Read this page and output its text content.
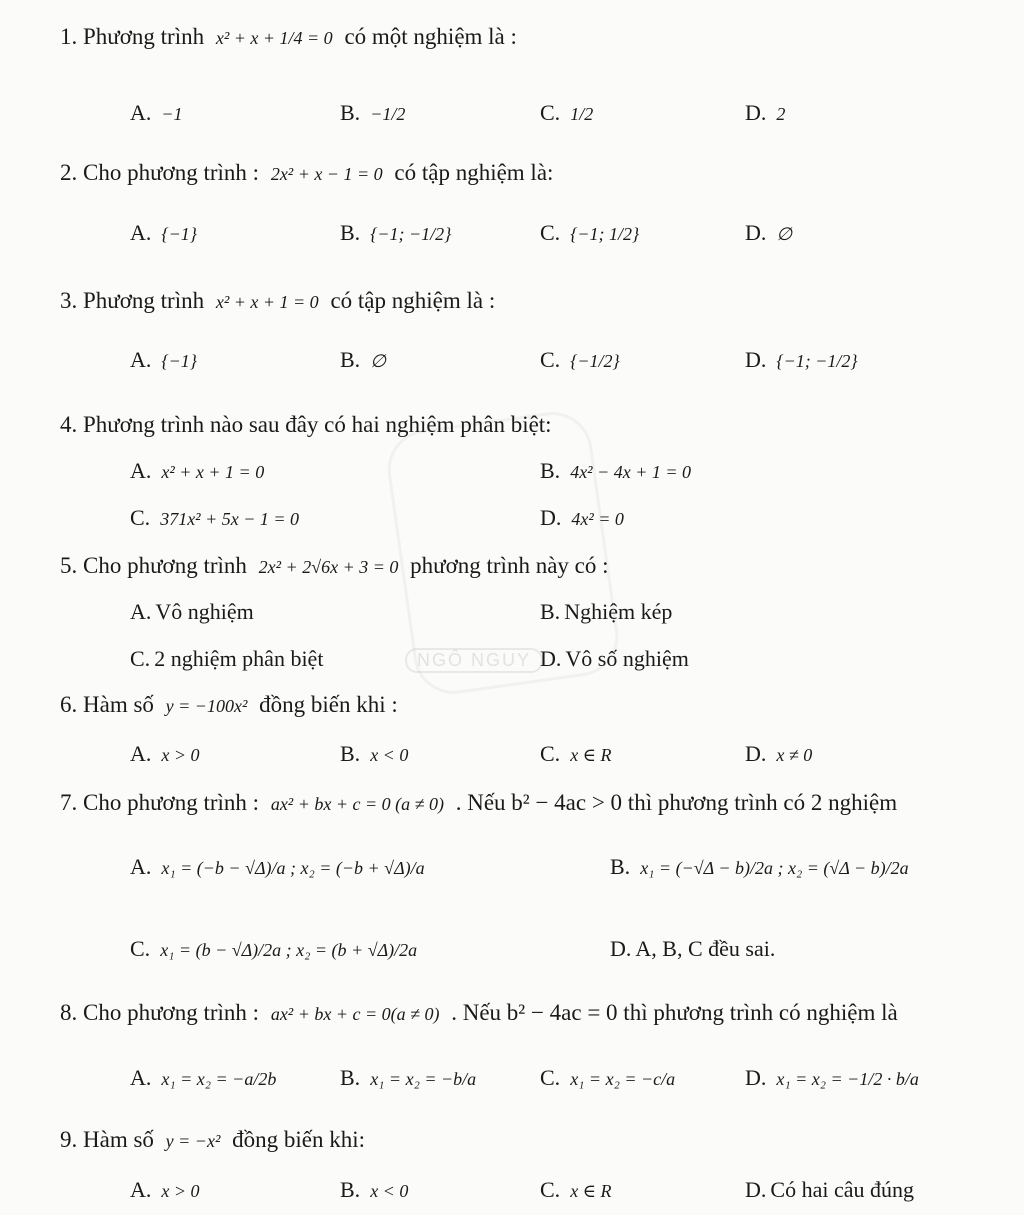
NGÔ NGUY
1. Phương trình x² + x + 1/4 = 0 có một nghiệm là :
A. −1	B. −1/2	C. 1/2	D. 2
2. Cho phương trình : 2x² + x − 1 = 0 có tập nghiệm là:
A. {−1}	B. {−1; −1/2}	C. {−1; 1/2}	D. ∅
3. Phương trình x² + x + 1 = 0 có tập nghiệm là :
A. {−1}	B. ∅	C. {−1/2}	D. {−1; −1/2}
4. Phương trình nào sau đây có hai nghiệm phân biệt:
A. x² + x + 1 = 0	B. 4x² − 4x + 1 = 0
C. 371x² + 5x − 1 = 0	D. 4x² = 0
5. Cho phương trình 2x² + 2√6x + 3 = 0 phương trình này có :
A. Vô nghiệm	B. Nghiệm kép
C. 2 nghiệm phân biệt	D. Vô số nghiệm
6. Hàm số y = −100x² đồng biến khi :
A. x > 0	B. x < 0	C. x ∈ R	D. x ≠ 0
7. Cho phương trình : ax² + bx + c = 0 (a ≠ 0) . Nếu b² − 4ac > 0 thì phương trình có 2 nghiệm
A. x₁ = (−b − √Δ)/a ; x₂ = (−b + √Δ)/a	B. x₁ = (−√Δ − b)/2a ; x₂ = (√Δ − b)/2a
C. x₁ = (b − √Δ)/2a ; x₂ = (b + √Δ)/2a	D. A, B, C đều sai.
8. Cho phương trình : ax² + bx + c = 0(a ≠ 0) . Nếu b² − 4ac = 0 thì phương trình có nghiệm là
A. x₁ = x₂ = −a/2b	B. x₁ = x₂ = −b/a	C. x₁ = x₂ = −c/a	D. x₁ = x₂ = −1/2 · b/a
9. Hàm số y = −x² đồng biến khi:
A. x > 0	B. x < 0	C. x ∈ R	D. Có hai câu đúng
